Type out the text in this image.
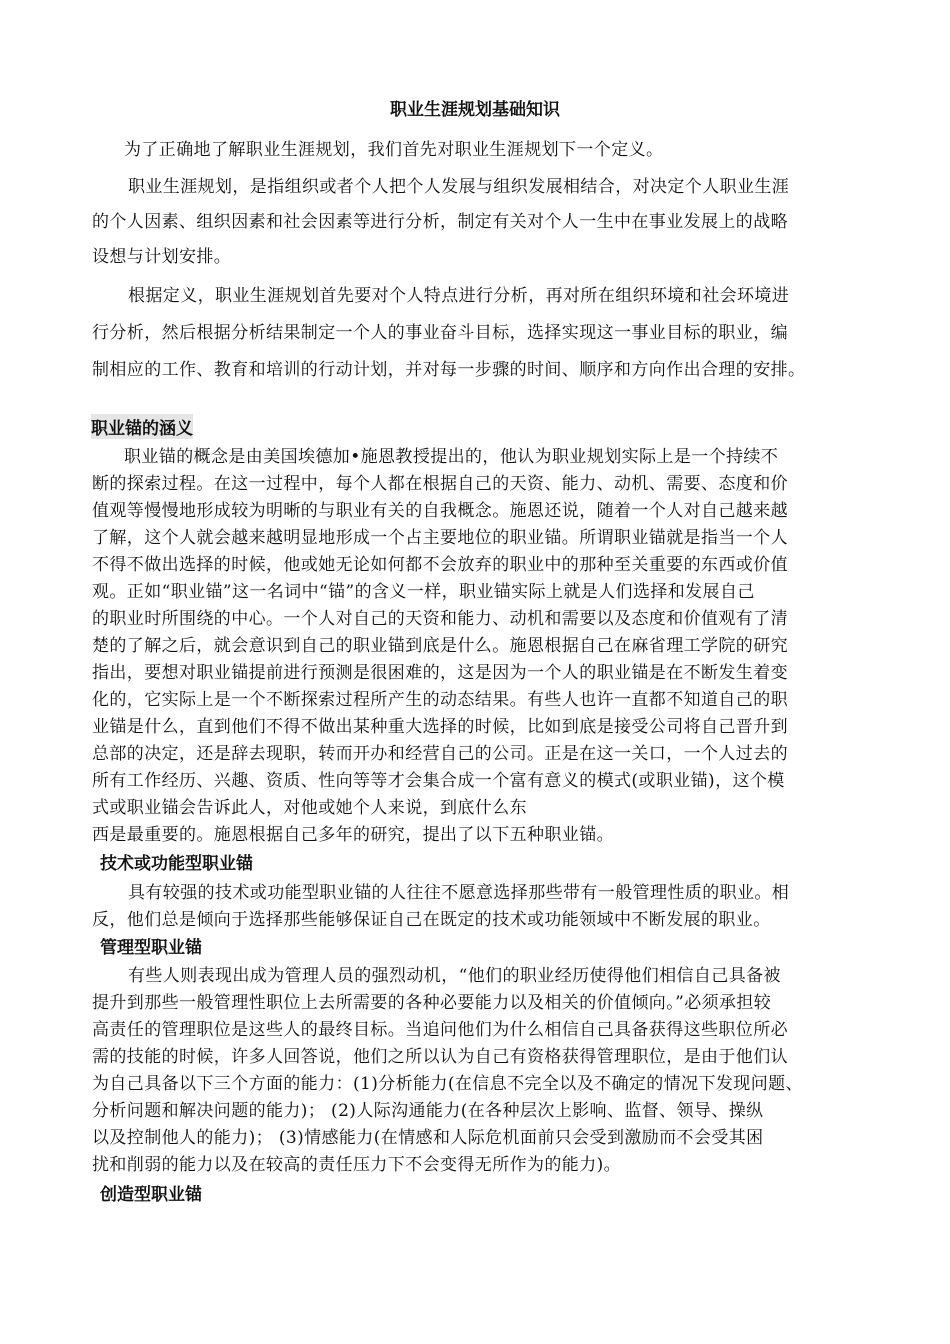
职业生涯规划基础知识
为了正确地了解职业生涯规划，我们首先对职业生涯规划下一个定义。
职业生涯规划，是指组织或者个人把个人发展与组织发展相结合，对决定个人职业生涯
的个人因素、组织因素和社会因素等进行分析，制定有关对个人一生中在事业发展上的战略
设想与计划安排。
根据定义，职业生涯规划首先要对个人特点进行分析，再对所在组织环境和社会环境进
行分析，然后根据分析结果制定一个人的事业奋斗目标，选择实现这一事业目标的职业，编
制相应的工作、教育和培训的行动计划，并对每一步骤的时间、顺序和方向作出合理的安排。
职业锚的涵义
职业锚的概念是由美国埃德加•施恩教授提出的，他认为职业规划实际上是一个持续不
断的探索过程。在这一过程中，每个人都在根据自己的天资、能力、动机、需要、态度和价
值观等慢慢地形成较为明晰的与职业有关的自我概念。施恩还说，随着一个人对自己越来越
了解，这个人就会越来越明显地形成一个占主要地位的职业锚。所谓职业锚就是指当一个人
不得不做出选择的时候，他或她无论如何都不会放弃的职业中的那种至关重要的东西或价值
观。正如“职业锚”这一名词中“锚”的含义一样，职业锚实际上就是人们选择和发展自己
的职业时所围绕的中心。一个人对自己的天资和能力、动机和需要以及态度和价值观有了清
楚的了解之后，就会意识到自己的职业锚到底是什么。施恩根据自己在麻省理工学院的研究
指出，要想对职业锚提前进行预测是很困难的，这是因为一个人的职业锚是在不断发生着变
化的，它实际上是一个不断探索过程所产生的动态结果。有些人也许一直都不知道自己的职
业锚是什么，直到他们不得不做出某种重大选择的时候，比如到底是接受公司将自己晋升到
总部的决定，还是辞去现职，转而开办和经营自己的公司。正是在这一关口，一个人过去的
所有工作经历、兴趣、资质、性向等等才会集合成一个富有意义的模式(或职业锚)，这个模
式或职业锚会告诉此人，对他或她个人来说，到底什么东
西是最重要的。施恩根据自己多年的研究，提出了以下五种职业锚。
技术或功能型职业锚
具有较强的技术或功能型职业锚的人往往不愿意选择那些带有一般管理性质的职业。相
反，他们总是倾向于选择那些能够保证自己在既定的技术或功能领域中不断发展的职业。
管理型职业锚
有些人则表现出成为管理人员的强烈动机，“他们的职业经历使得他们相信自己具备被
提升到那些一般管理性职位上去所需要的各种必要能力以及相关的价值倾向。”必须承担较
高责任的管理职位是这些人的最终目标。当追问他们为什么相信自己具备获得这些职位所必
需的技能的时候，许多人回答说，他们之所以认为自己有资格获得管理职位，是由于他们认
为自己具备以下三个方面的能力：(1)分析能力(在信息不完全以及不确定的情况下发现问题、
分析问题和解决问题的能力)； (2)人际沟通能力(在各种层次上影响、监督、领导、操纵
以及控制他人的能力)； (3)情感能力(在情感和人际危机面前只会受到激励而不会受其困
扰和削弱的能力以及在较高的责任压力下不会变得无所作为的能力)。
创造型职业锚
